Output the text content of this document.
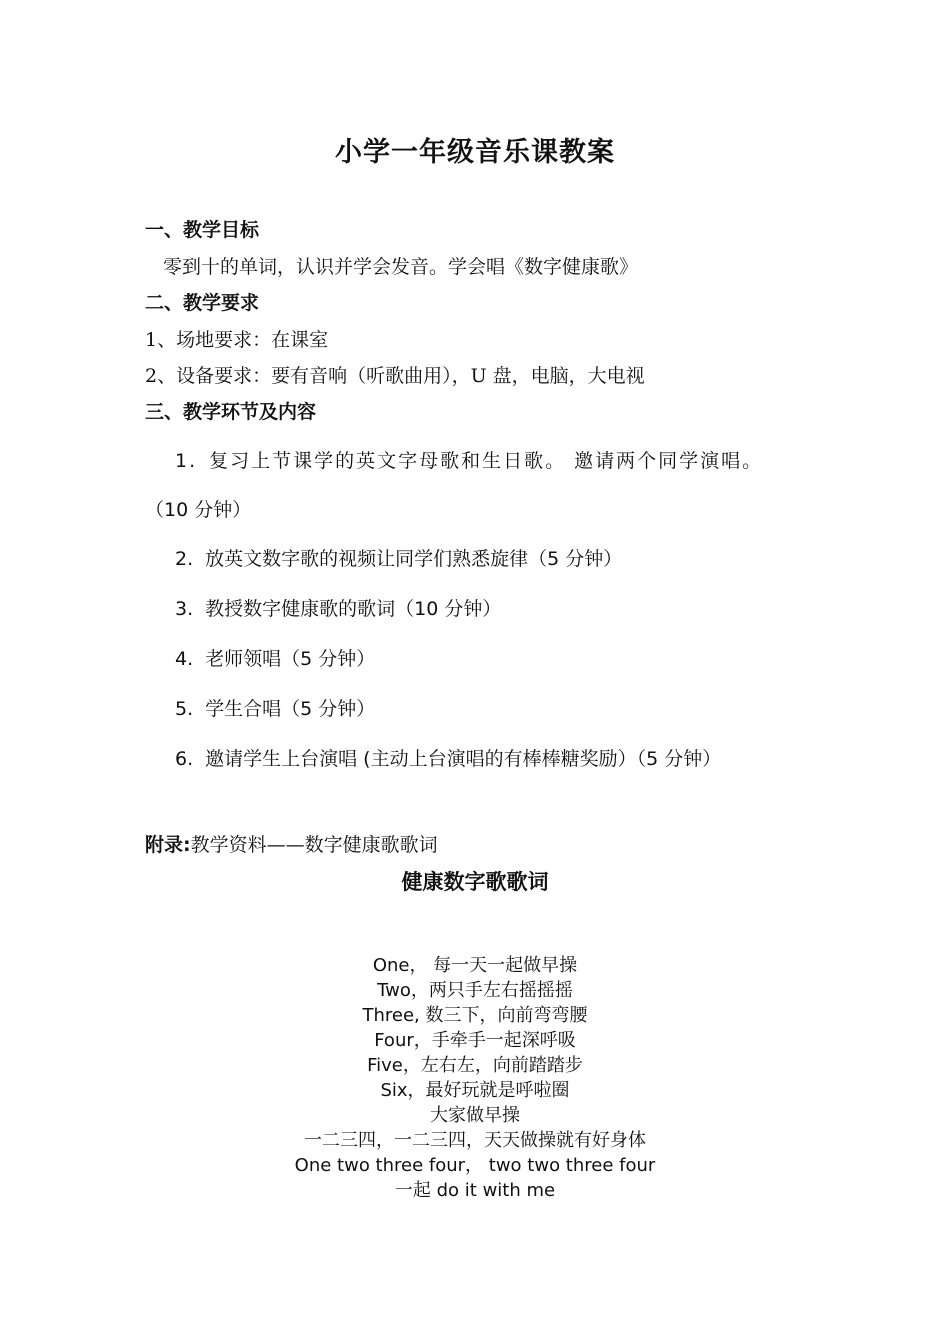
小学一年级音乐课教案
一、教学目标
零到十的单词，认识并学会发音。学会唱《数字健康歌》
二、教学要求
1、场地要求：在课室
2、设备要求：要有音响（听歌曲用），U 盘，电脑，大电视
三、教学环节及内容
1. 复习上节课学的英文字母歌和生日歌。 邀请两个同学演唱。
（10 分钟）
2. 放英文数字歌的视频让同学们熟悉旋律（5 分钟）
3. 教授数字健康歌的歌词（10 分钟）
4. 老师领唱（5 分钟）
5. 学生合唱（5 分钟）
6. 邀请学生上台演唱 (主动上台演唱的有棒棒糖奖励）（5 分钟）
附录:教学资料——数字健康歌歌词
健康数字歌歌词
One， 每一天一起做早操
Two，两只手左右摇摇摇
Three, 数三下，向前弯弯腰
Four，手牵手一起深呼吸
Five，左右左，向前踏踏步
Six，最好玩就是呼啦圈
大家做早操
一二三四，一二三四，天天做操就有好身体
One two three four， two two three four
一起 do it with me
